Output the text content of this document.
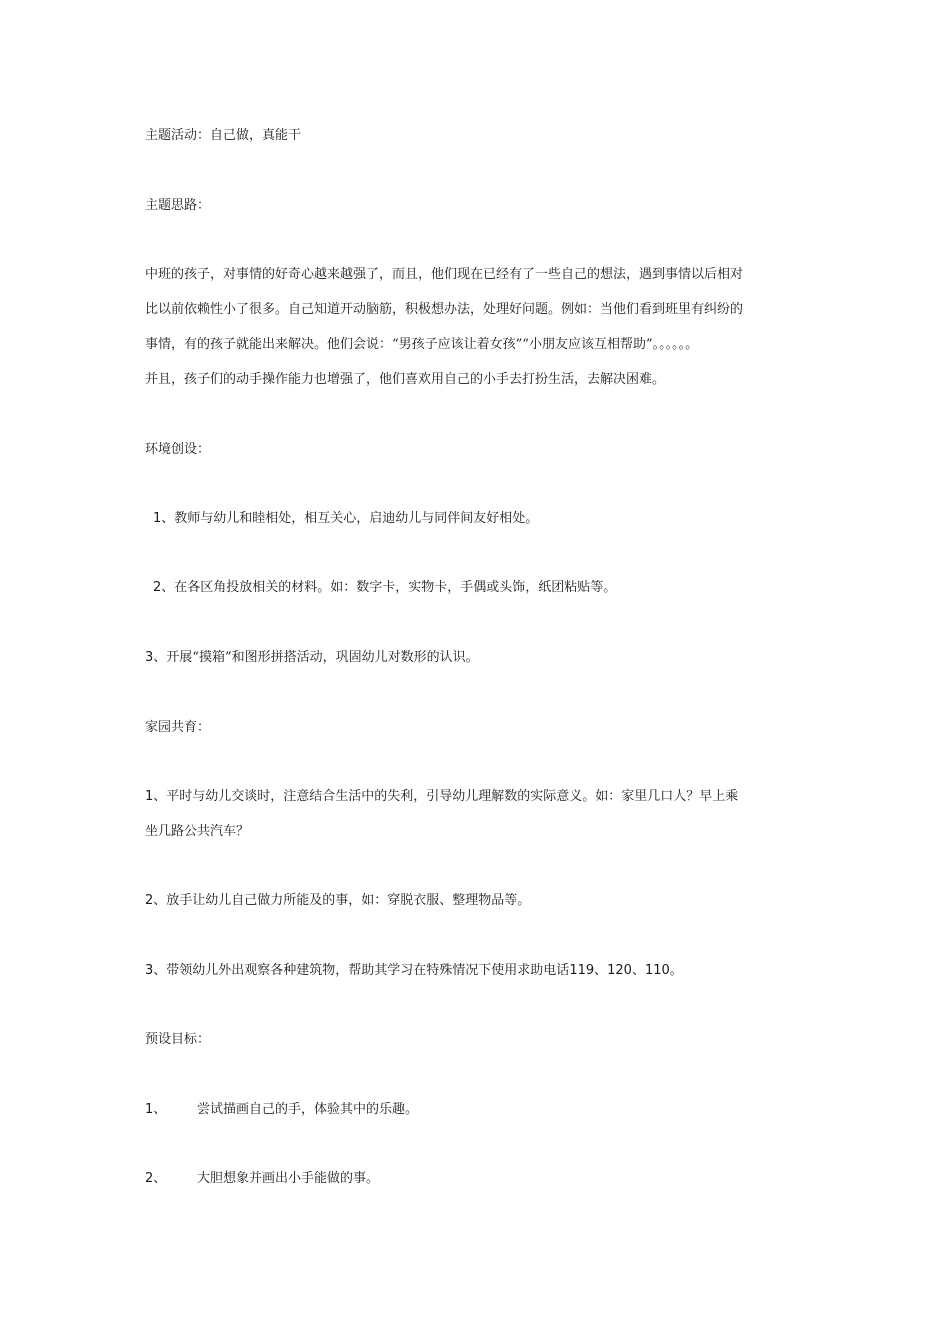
主题活动：自己做，真能干
主题思路：
中班的孩子，对事情的好奇心越来越强了，而且，他们现在已经有了一些自己的想法，遇到事情以后相对
比以前依赖性小了很多。自己知道开动脑筋，积极想办法，处理好问题。例如：当他们看到班里有纠纷的
事情，有的孩子就能出来解决。他们会说：“男孩子应该让着女孩”“小朋友应该互相帮助”。。。。。。
并且，孩子们的动手操作能力也增强了，他们喜欢用自己的小手去打扮生活，去解决困难。
环境创设：
1、教师与幼儿和睦相处，相互关心，启迪幼儿与同伴间友好相处。
2、在各区角投放相关的材料。如：数字卡，实物卡，手偶或头饰，纸团粘贴等。
3、开展“摸箱”和图形拼搭活动，巩固幼儿对数形的认识。
家园共育：
1、平时与幼儿交谈时，注意结合生活中的失利，引导幼儿理解数的实际意义。如：家里几口人？早上乘
坐几路公共汽车？
2、放手让幼儿自己做力所能及的事，如：穿脱衣服、整理物品等。
3、带领幼儿外出观察各种建筑物，帮助其学习在特殊情况下使用求助电话119、120、110。
预设目标：
1、 尝试描画自己的手，体验其中的乐趣。
2、 大胆想象并画出小手能做的事。
